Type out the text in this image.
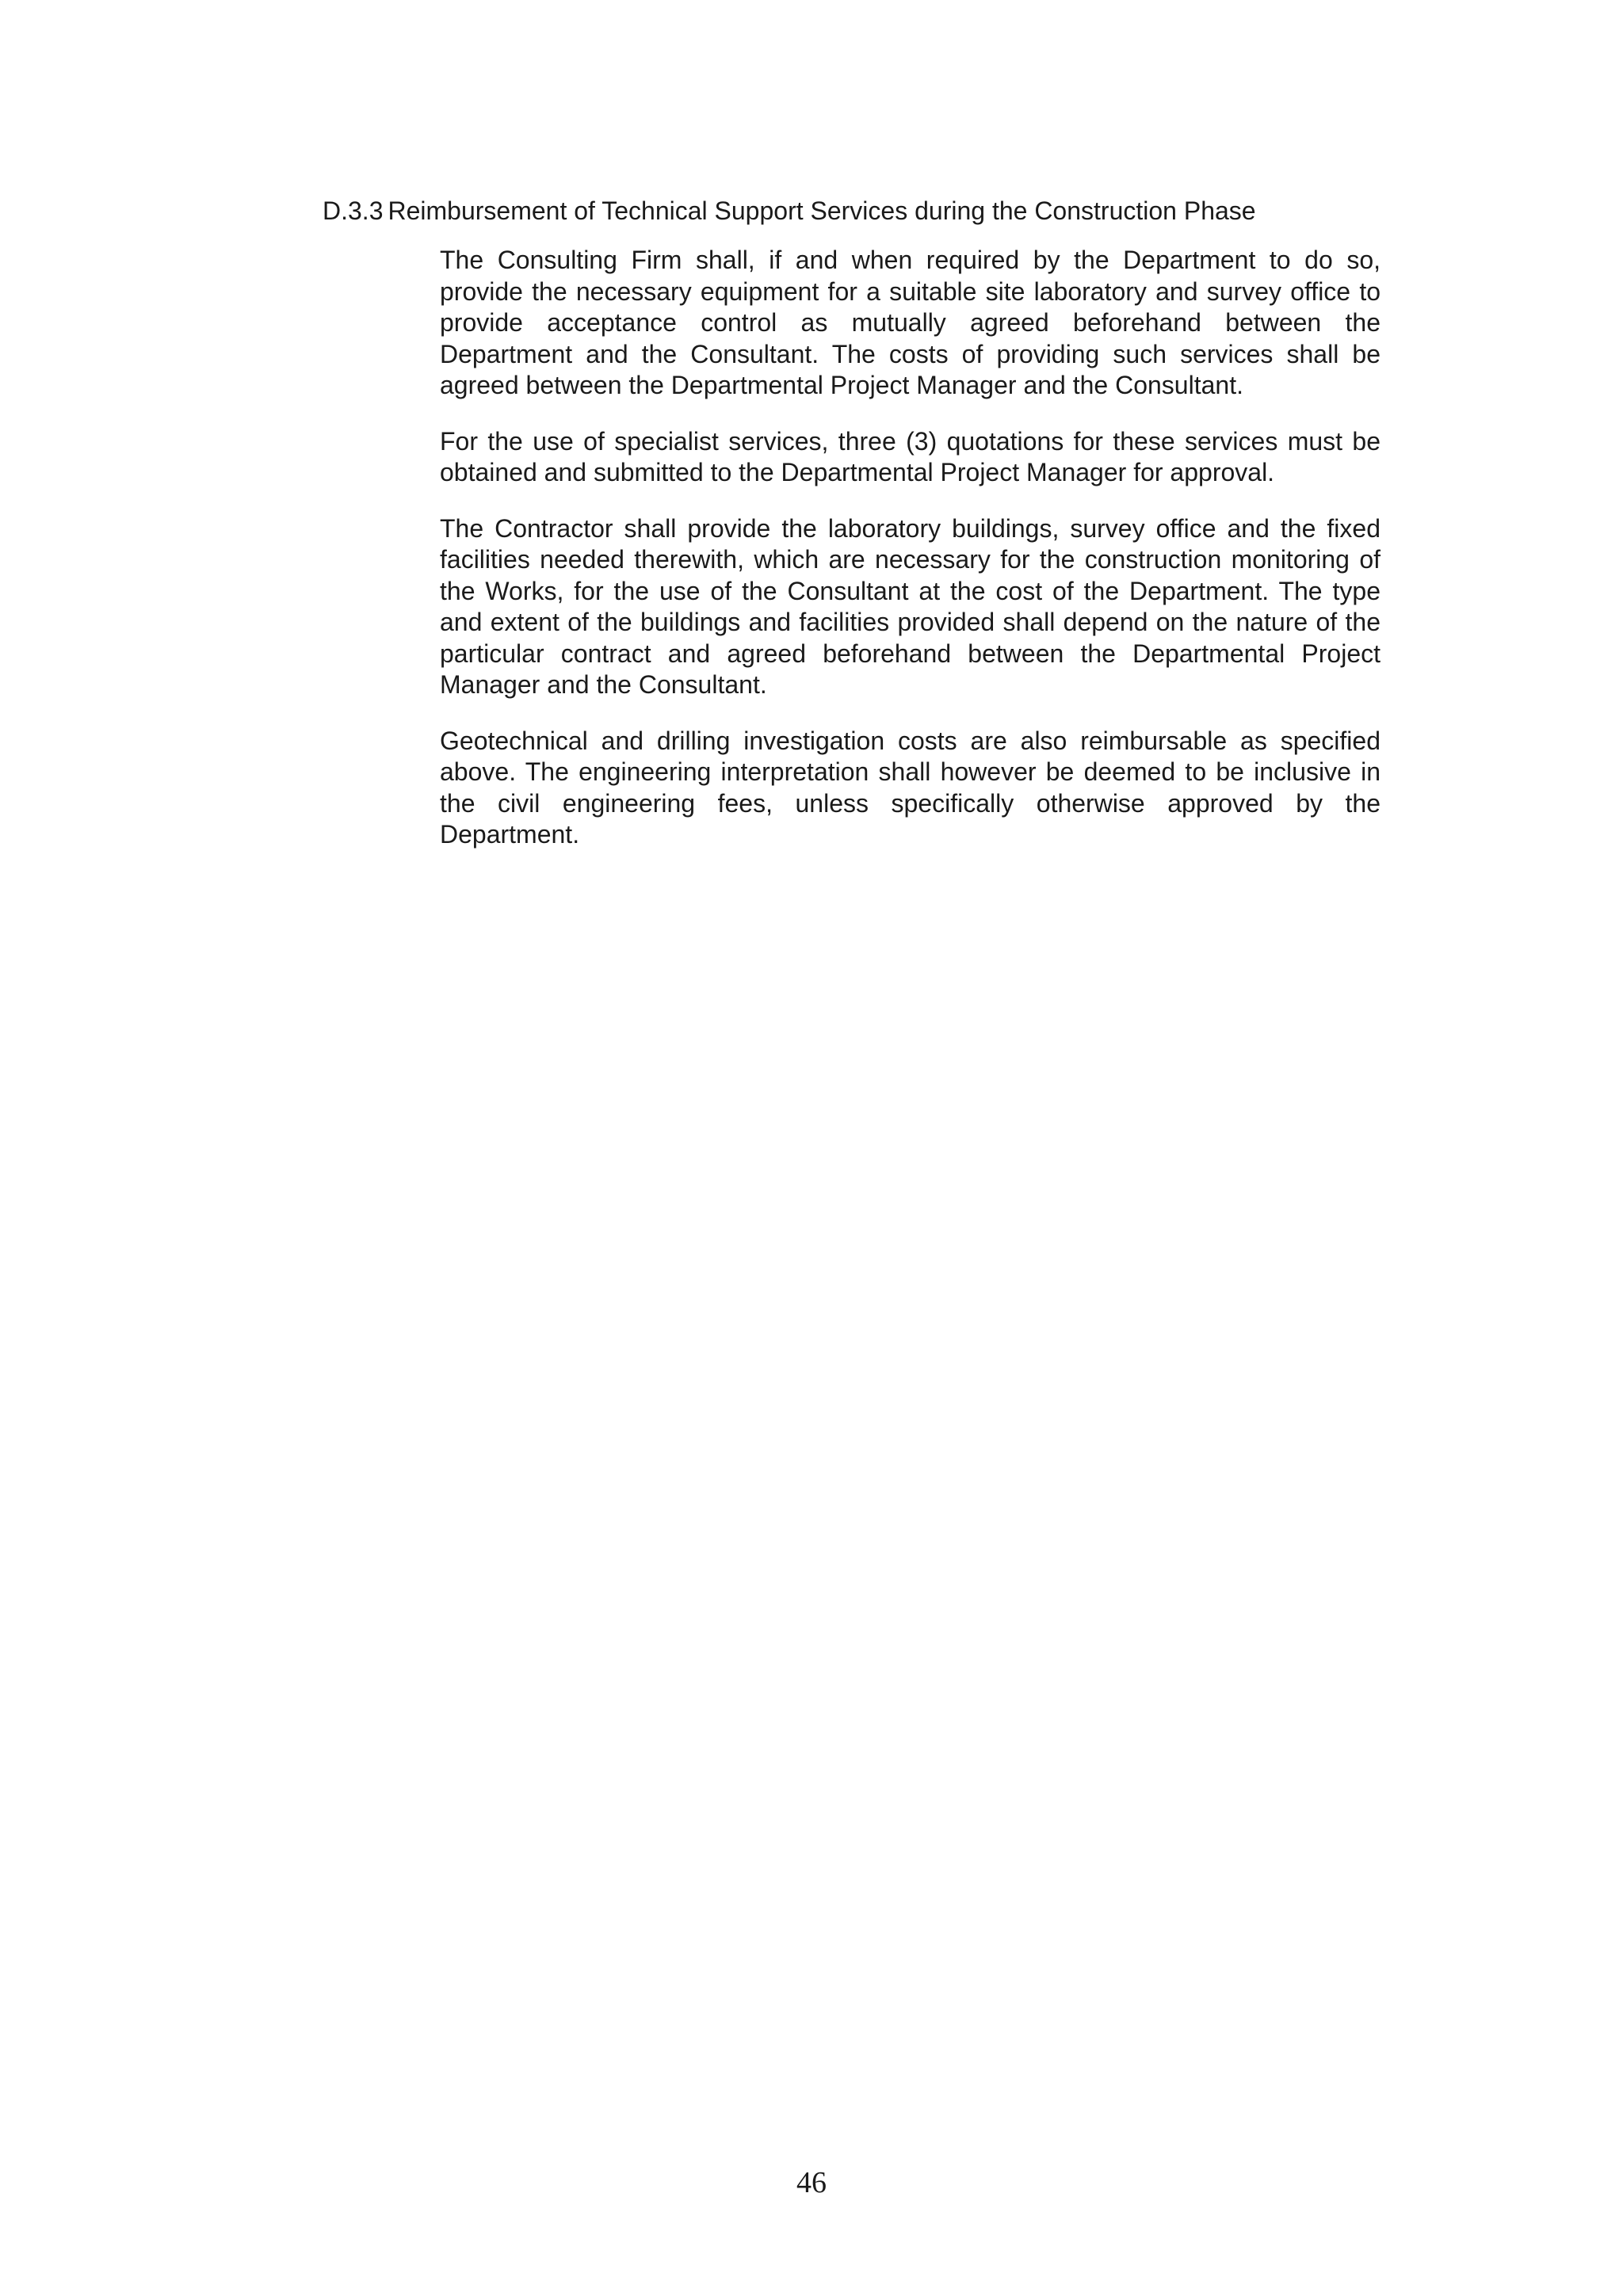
D.3.3 Reimbursement of Technical Support Services during the Construction Phase

The Consulting Firm shall, if and when required by the Department to do so, provide the necessary equipment for a suitable site laboratory and survey office to provide acceptance control as mutually agreed beforehand between the Department and the Consultant. The costs of providing such services shall be agreed between the Departmental Project Manager and the Consultant.

For the use of specialist services, three (3) quotations for these services must be obtained and submitted to the Departmental Project Manager for approval.

The Contractor shall provide the laboratory buildings, survey office and the fixed facilities needed therewith, which are necessary for the construction monitoring of the Works, for the use of the Consultant at the cost of the Department. The type and extent of the buildings and facilities provided shall depend on the nature of the particular contract and agreed beforehand between the Departmental Project Manager and the Consultant.

Geotechnical and drilling investigation costs are also reimbursable as specified above. The engineering interpretation shall however be deemed to be inclusive in the civil engineering fees, unless specifically otherwise approved by the Department.

46
